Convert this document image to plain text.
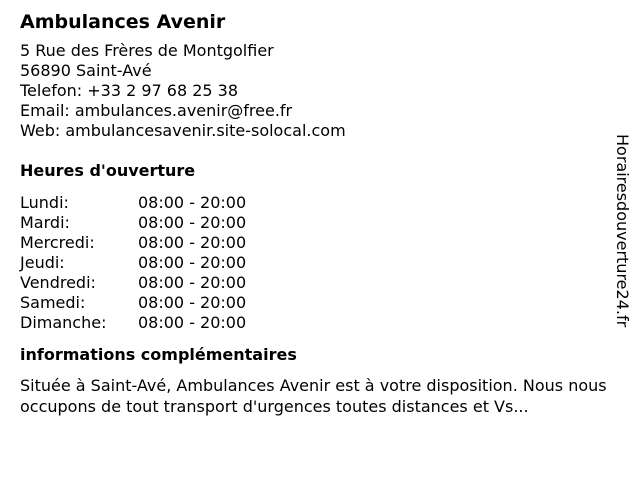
Ambulances Avenir
5 Rue des Frères de Montgolfier
56890 Saint-Avé
Telefon: +33 2 97 68 25 38
Email: ambulances.avenir@free.fr
Web: ambulancesavenir.site-solocal.com
Heures d'ouverture
Lundi:	08:00 - 20:00
Mardi:	08:00 - 20:00
Mercredi:	08:00 - 20:00
Jeudi:	08:00 - 20:00
Vendredi:	08:00 - 20:00
Samedi:	08:00 - 20:00
Dimanche:	08:00 - 20:00
informations complémentaires
Située à Saint-Avé, Ambulances Avenir est à votre disposition. Nous nous occupons de tout transport d'urgences toutes distances et Vs...
Horairesdouverture24.fr
